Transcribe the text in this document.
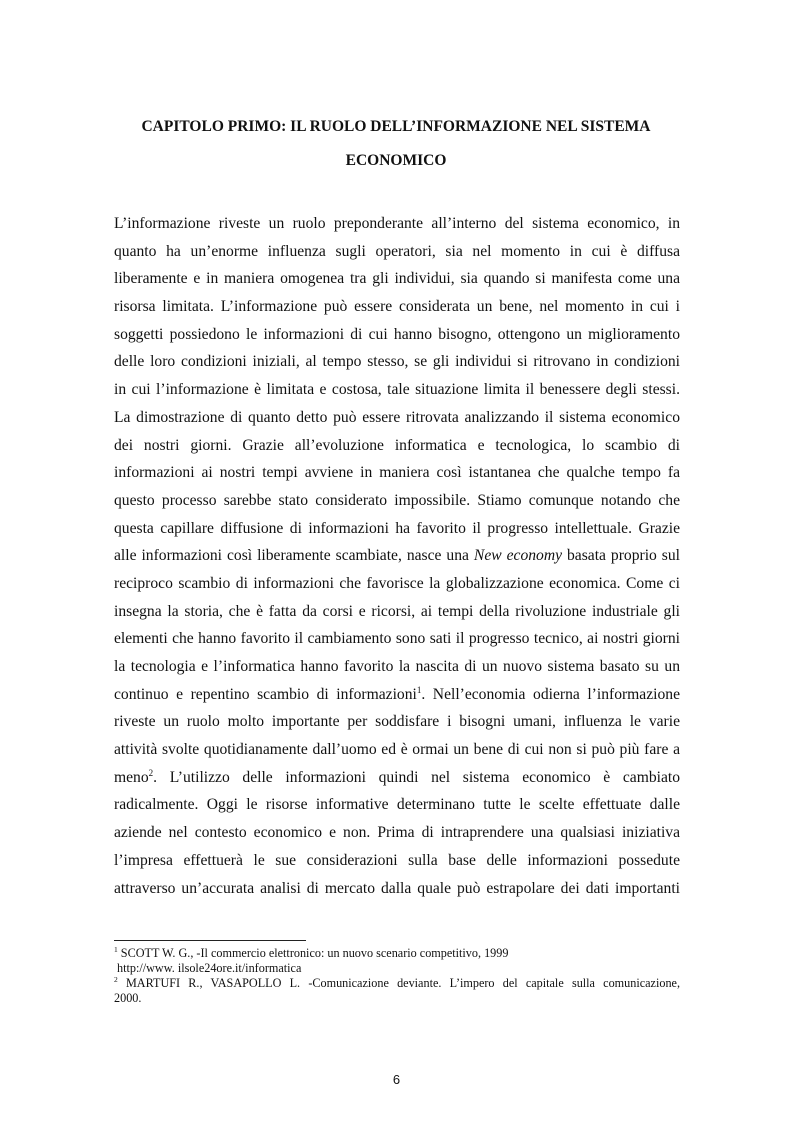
CAPITOLO PRIMO: IL RUOLO DELL’INFORMAZIONE NEL SISTEMA
ECONOMICO
L’informazione riveste un ruolo preponderante all’interno del sistema economico, in
quanto ha un’enorme influenza sugli operatori, sia nel momento in cui è diffusa
liberamente e in maniera omogenea tra gli individui, sia quando si manifesta come una
risorsa limitata. L’informazione può essere considerata un bene, nel momento in cui i
soggetti possiedono le informazioni di cui hanno bisogno, ottengono un miglioramento
delle loro condizioni iniziali, al tempo stesso, se gli individui si ritrovano in condizioni
in cui l’informazione è limitata e costosa, tale situazione limita il benessere degli stessi.
La dimostrazione di quanto detto può essere ritrovata analizzando il sistema economico
dei nostri giorni. Grazie all’evoluzione informatica e tecnologica, lo scambio di
informazioni ai nostri tempi avviene in maniera così istantanea che qualche tempo fa
questo processo sarebbe stato considerato impossibile. Stiamo comunque notando che
questa capillare diffusione di informazioni ha favorito il progresso intellettuale. Grazie
alle informazioni così liberamente scambiate, nasce una New economy basata proprio sul
reciproco scambio di informazioni che favorisce la globalizzazione economica. Come ci
insegna la storia, che è fatta da corsi e ricorsi, ai tempi della rivoluzione industriale gli
elementi che hanno favorito il cambiamento sono sati il progresso tecnico, ai nostri giorni
la tecnologia e l’informatica hanno favorito la nascita di un nuovo sistema basato su un
continuo e repentino scambio di informazioni$^1$. Nell’economia odierna l’informazione
riveste un ruolo molto importante per soddisfare i bisogni umani, influenza le varie
attività svolte quotidianamente dall’uomo ed è ormai un bene di cui non si può più fare a
meno$^2$. L’utilizzo delle informazioni quindi nel sistema economico è cambiato
radicalmente. Oggi le risorse informative determinano tutte le scelte effettuate dalle
aziende nel contesto economico e non. Prima di intraprendere una qualsiasi iniziativa
l’impresa effettuerà le sue considerazioni sulla base delle informazioni possedute
attraverso un’accurata analisi di mercato dalla quale può estrapolare dei dati importanti
$^1$ SCOTT W. G., -Il commercio elettronico: un nuovo scenario competitivo, 1999
http://www. ilsole24ore.it/informatica
$^2$ MARTUFI R., VASAPOLLO L. -Comunicazione deviante. L’impero del capitale sulla comunicazione,
2000.
6
